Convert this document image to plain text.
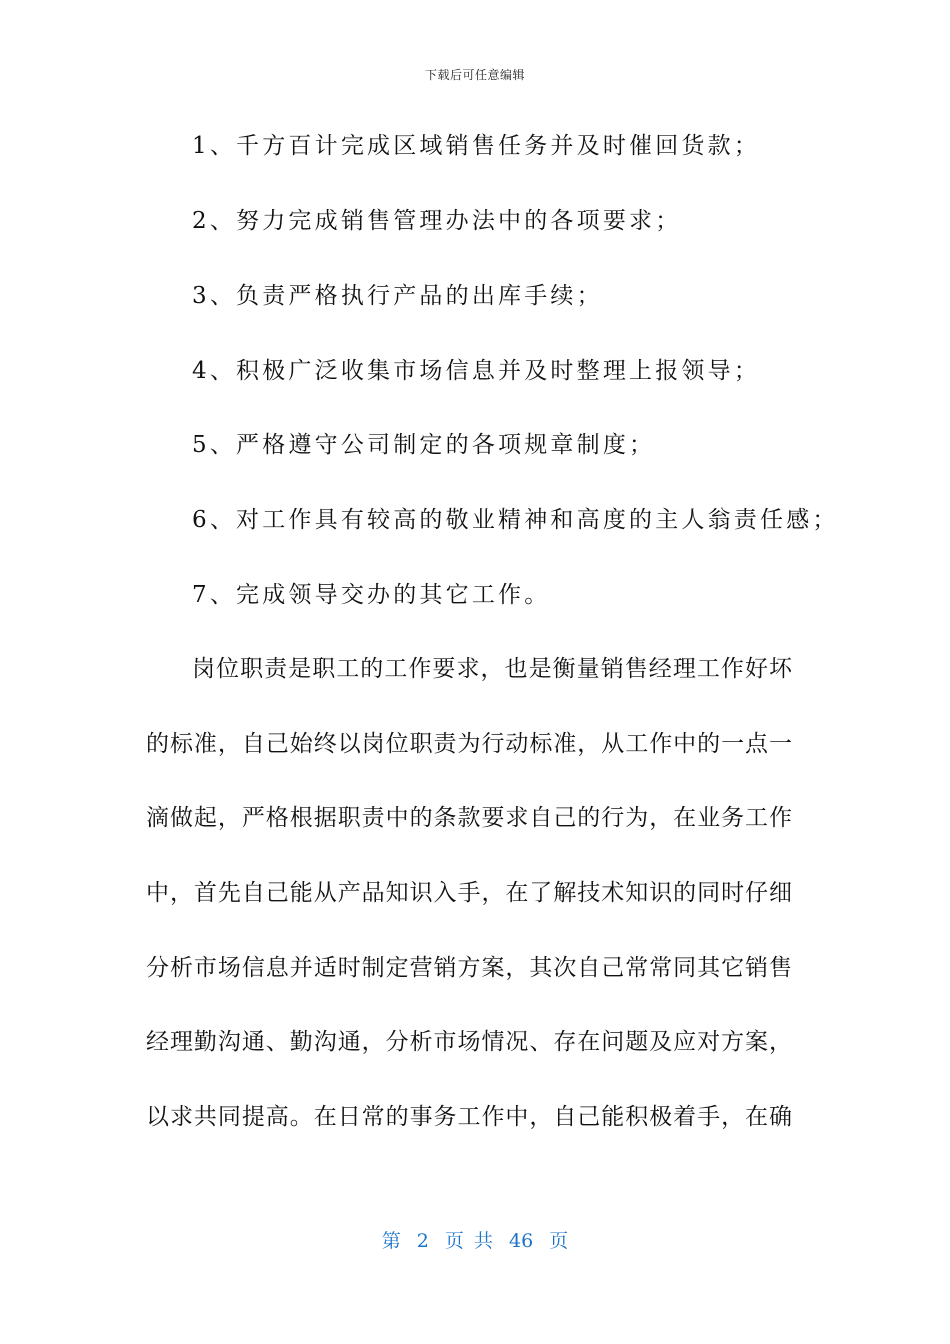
下载后可任意编辑
1、千方百计完成区域销售任务并及时催回货款；
2、努力完成销售管理办法中的各项要求；
3、负责严格执行产品的出库手续；
4、积极广泛收集市场信息并及时整理上报领导；
5、严格遵守公司制定的各项规章制度；
6、对工作具有较高的敬业精神和高度的主人翁责任感；
7、完成领导交办的其它工作。
岗位职责是职工的工作要求，也是衡量销售经理工作好坏
的标准，自己始终以岗位职责为行动标准，从工作中的一点一
滴做起，严格根据职责中的条款要求自己的行为，在业务工作
中，首先自己能从产品知识入手，在了解技术知识的同时仔细
分析市场信息并适时制定营销方案，其次自己常常同其它销售
经理勤沟通、勤沟通，分析市场情况、存在问题及应对方案，
以求共同提高。在日常的事务工作中，自己能积极着手，在确
第 2 页 共 46 页
